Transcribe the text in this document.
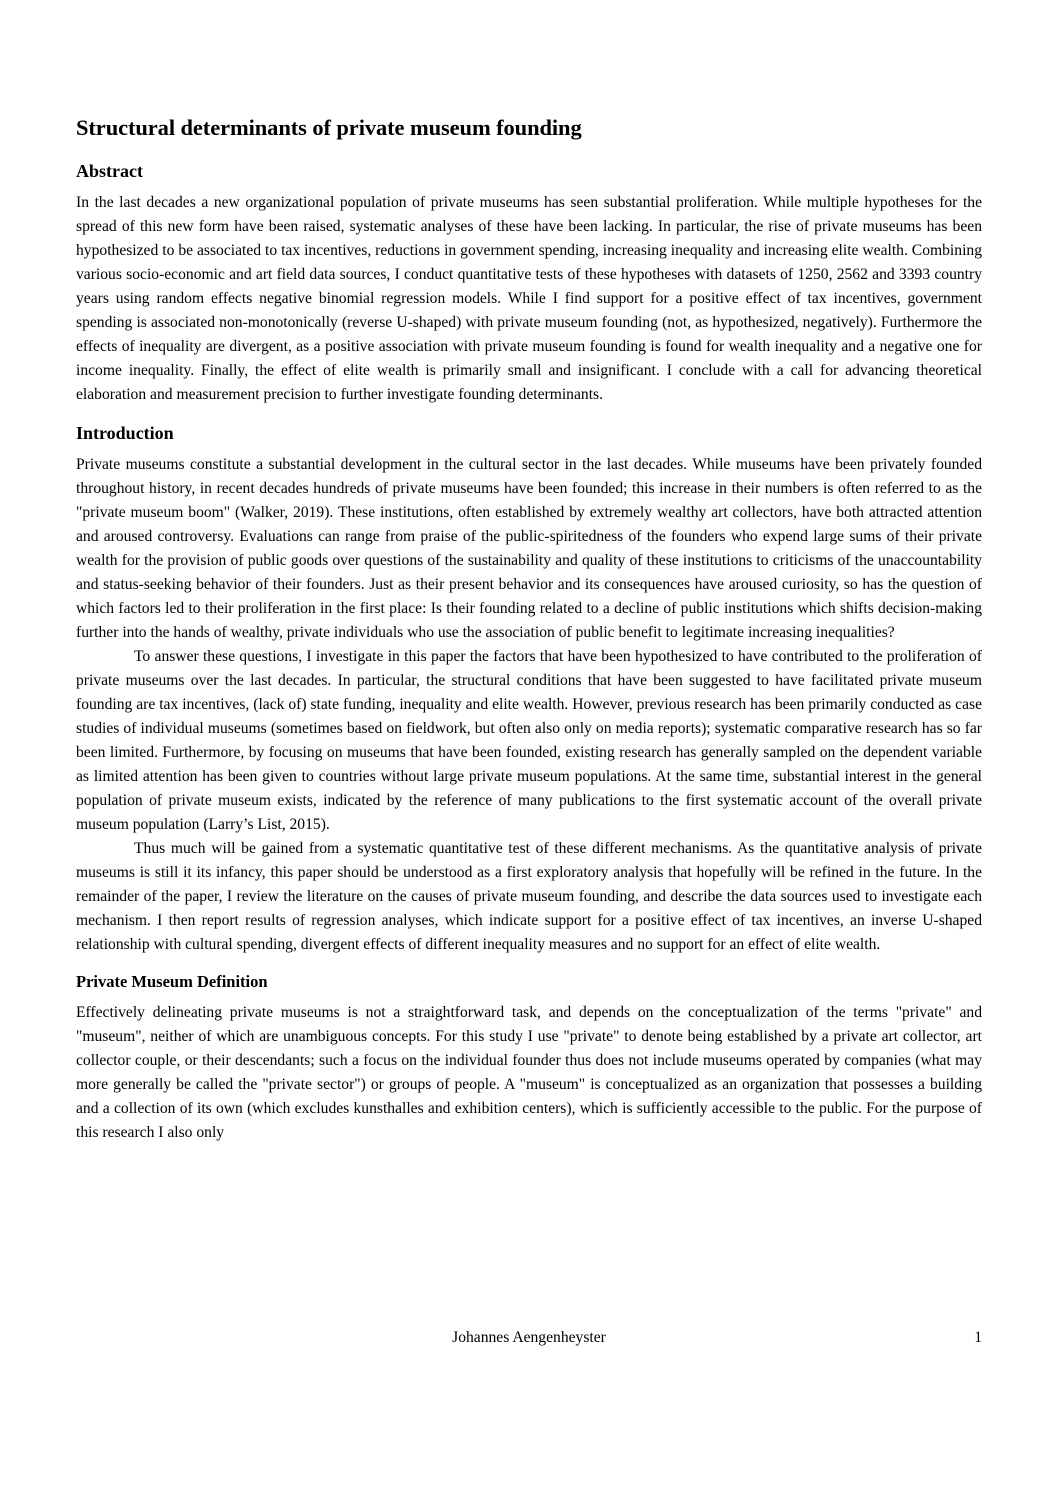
Structural determinants of private museum founding
Abstract

In the last decades a new organizational population of private museums has seen substantial proliferation. While multiple hypotheses for the spread of this new form have been raised, systematic analyses of these have been lacking. In particular, the rise of private museums has been hypothesized to be associated to tax incentives, reductions in government spending, increasing inequality and increasing elite wealth. Combining various socio-economic and art field data sources, I conduct quantitative tests of these hypotheses with datasets of 1250, 2562 and 3393 country years using random effects negative binomial regression models. While I find support for a positive effect of tax incentives, government spending is associated non-monotonically (reverse U-shaped) with private museum founding (not, as hypothesized, negatively). Furthermore the effects of inequality are divergent, as a positive association with private museum founding is found for wealth inequality and a negative one for income inequality. Finally, the effect of elite wealth is primarily small and insignificant. I conclude with a call for advancing theoretical elaboration and measurement precision to further investigate founding determinants.

Introduction

Private museums constitute a substantial development in the cultural sector in the last decades. While museums have been privately founded throughout history, in recent decades hundreds of private museums have been founded; this increase in their numbers is often referred to as the "private museum boom" (Walker, 2019). These institutions, often established by extremely wealthy art collectors, have both attracted attention and aroused controversy. Evaluations can range from praise of the public-spiritedness of the founders who expend large sums of their private wealth for the provision of public goods over questions of the sustainability and quality of these institutions to criticisms of the unaccountability and status-seeking behavior of their founders. Just as their present behavior and its consequences have aroused curiosity, so has the question of which factors led to their proliferation in the first place: Is their founding related to a decline of public institutions which shifts decision-making further into the hands of wealthy, private individuals who use the association of public benefit to legitimate increasing inequalities?

To answer these questions, I investigate in this paper the factors that have been hypothesized to have contributed to the proliferation of private museums over the last decades. In particular, the structural conditions that have been suggested to have facilitated private museum founding are tax incentives, (lack of) state funding, inequality and elite wealth. However, previous research has been primarily conducted as case studies of individual museums (sometimes based on fieldwork, but often also only on media reports); systematic comparative research has so far been limited. Furthermore, by focusing on museums that have been founded, existing research has generally sampled on the dependent variable as limited attention has been given to countries without large private museum populations. At the same time, substantial interest in the general population of private museum exists, indicated by the reference of many publications to the first systematic account of the overall private museum population (Larry’s List, 2015).

Thus much will be gained from a systematic quantitative test of these different mechanisms. As the quantitative analysis of private museums is still it its infancy, this paper should be understood as a first exploratory analysis that hopefully will be refined in the future. In the remainder of the paper, I review the literature on the causes of private museum founding, and describe the data sources used to investigate each mechanism. I then report results of regression analyses, which indicate support for a positive effect of tax incentives, an inverse U-shaped relationship with cultural spending, divergent effects of different inequality measures and no support for an effect of elite wealth.

Private Museum Definition

Effectively delineating private museums is not a straightforward task, and depends on the conceptualization of the terms "private" and "museum", neither of which are unambiguous concepts. For this study I use "private" to denote being established by a private art collector, art collector couple, or their descendants; such a focus on the individual founder thus does not include museums operated by companies (what may more generally be called the "private sector") or groups of people. A "museum" is conceptualized as an organization that possesses a building and a collection of its own (which excludes kunsthalles and exhibition centers), which is sufficiently accessible to the public. For the purpose of this research I also only

Johannes Aengenheyster	1
